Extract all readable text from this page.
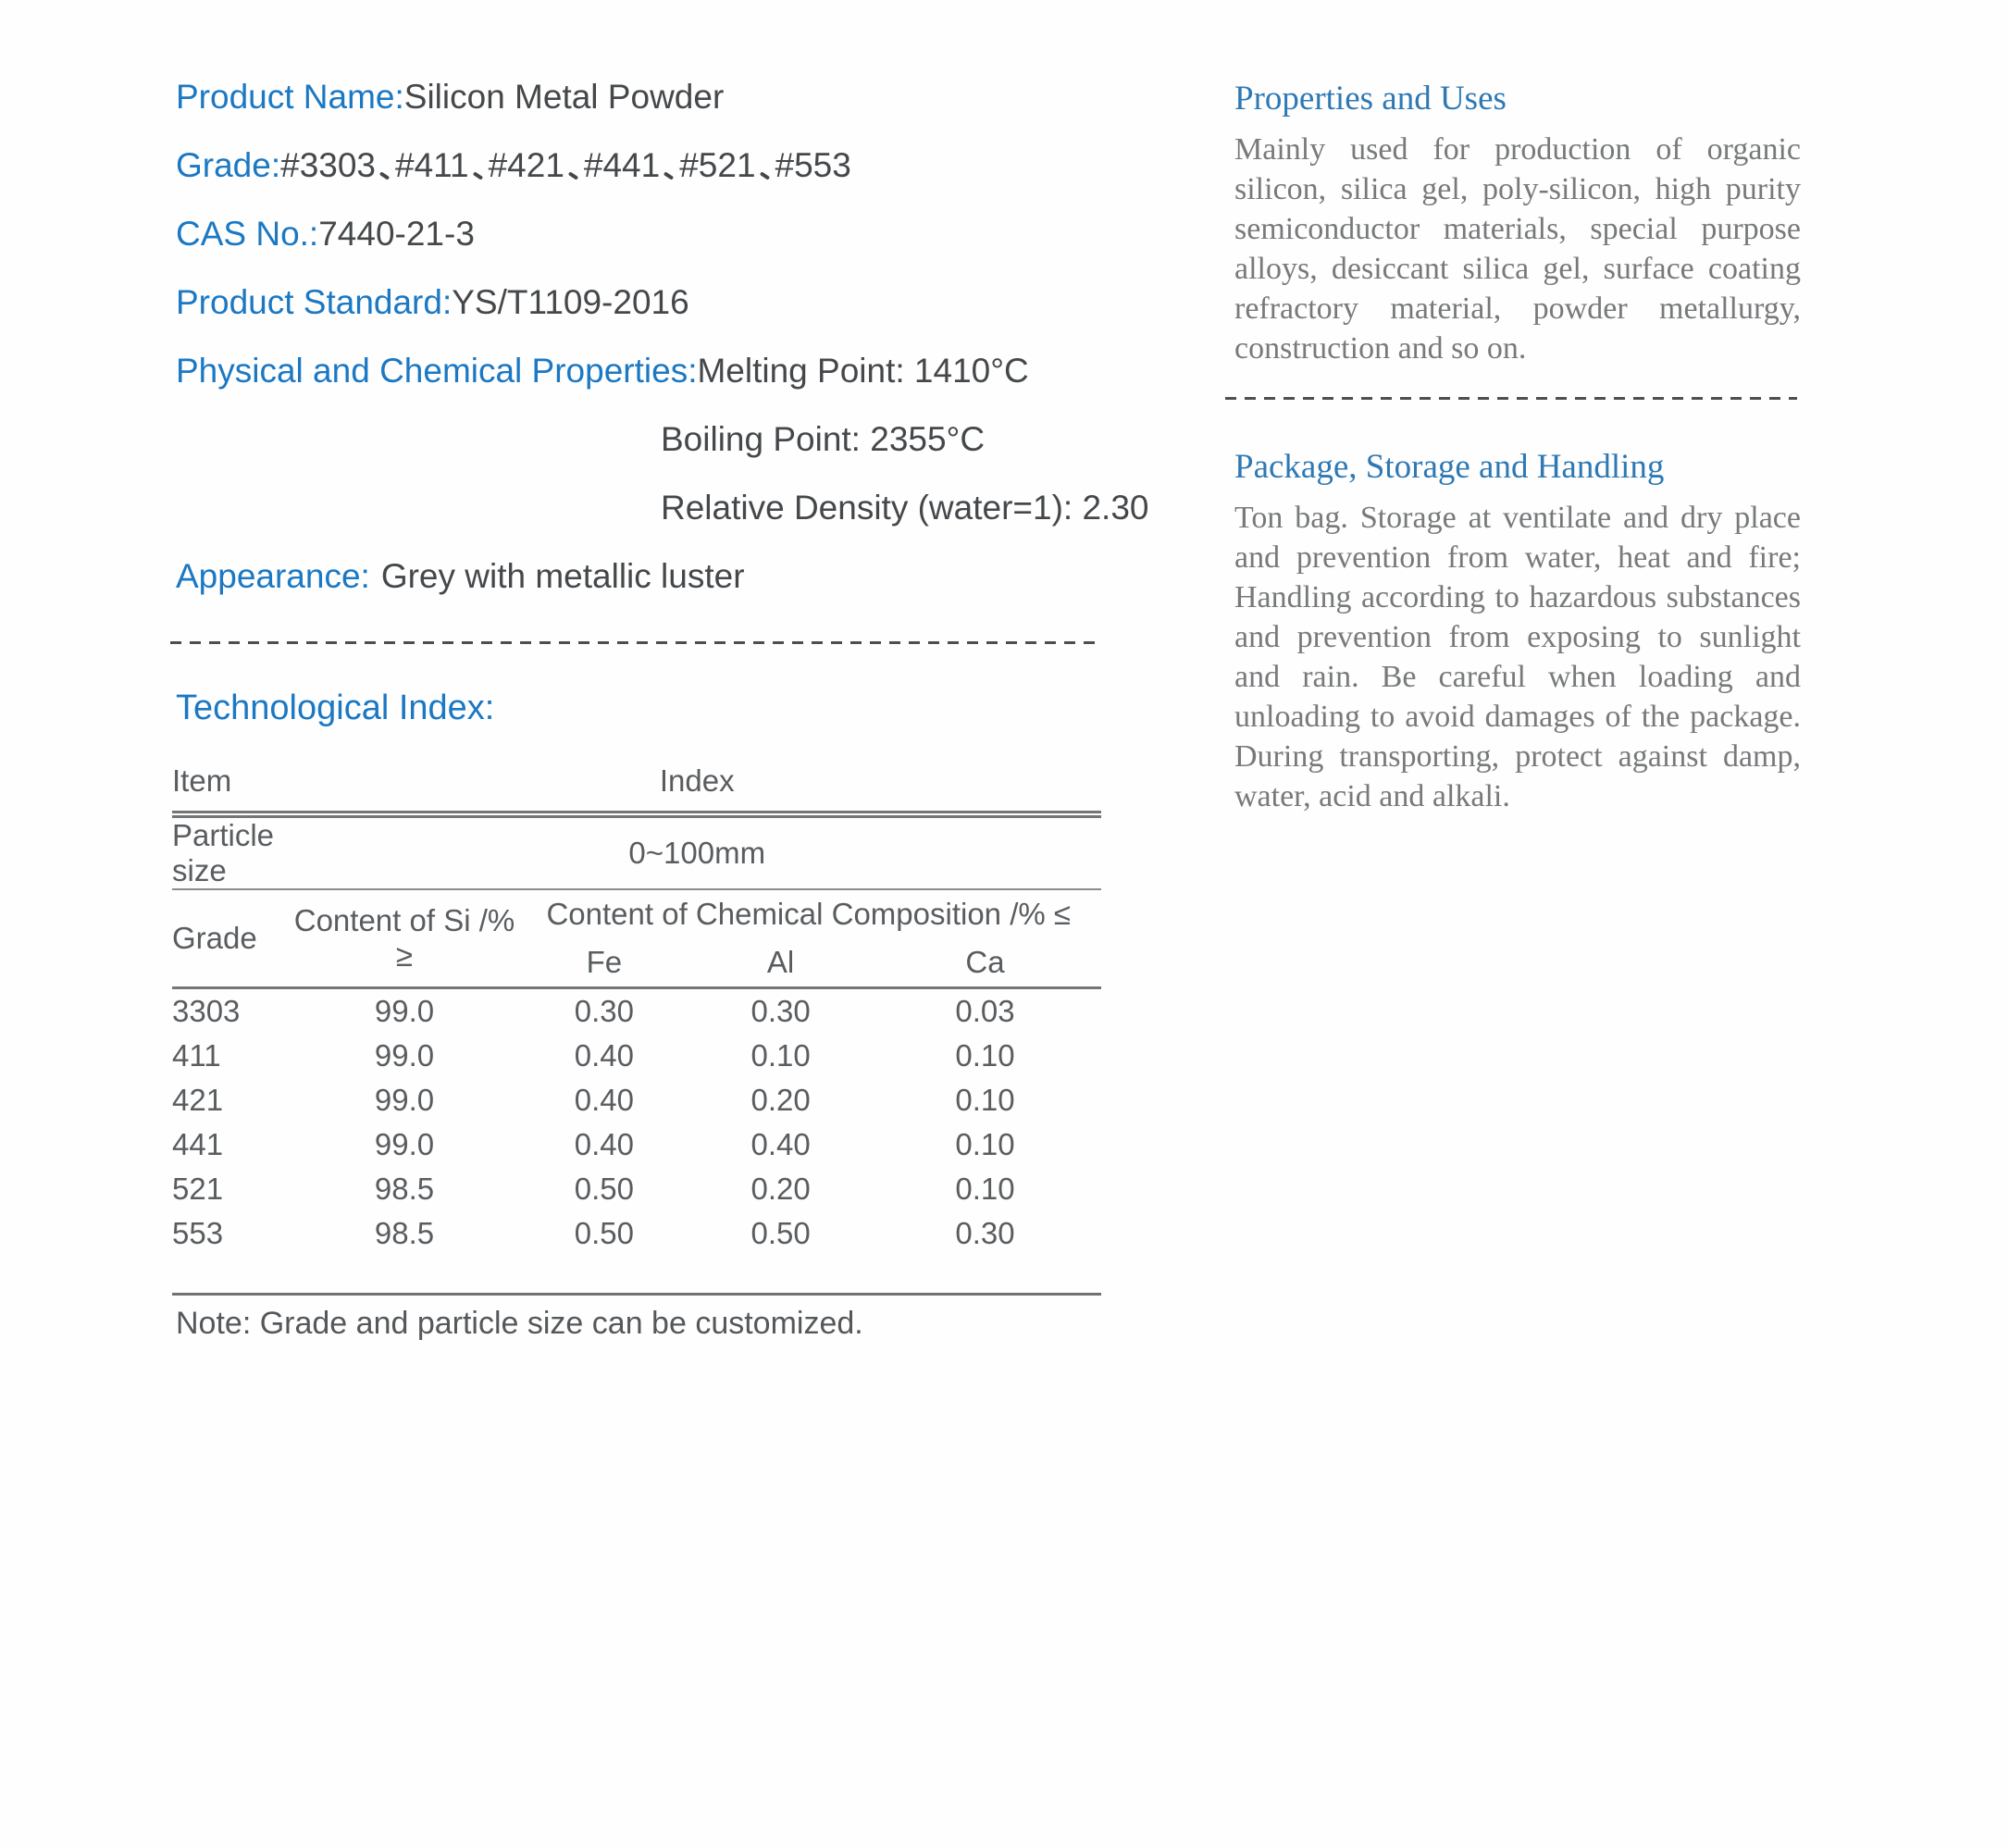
Product Name:Silicon Metal Powder
Grade:#3303 #411 #421 #441 #521 #553
CAS No.:7440-21-3
Product Standard:YS/T1109-2016
Physical and Chemical Properties:Melting Point: 1410°C
Boiling Point: 2355°C
Relative Density (water=1): 2.30
Appearance: Grey with metallic luster
Technological Index:
Item	Index			
Particle size	0~100mm			
Grade	Content of Si /% ≥	Content of Chemical Composition /% ≤		
		Fe	Al	Ca
3303	99.0	0.30	0.30	0.03
411	99.0	0.40	0.10	0.10
421	99.0	0.40	0.20	0.10
441	99.0	0.40	0.40	0.10
521	98.5	0.50	0.20	0.10
553	98.5	0.50	0.50	0.30
Note: Grade and particle size can be customized.
Properties and Uses
Mainly used for production of organic silicon, silica gel, poly-silicon, high purity semiconductor materials, special purpose alloys, desiccant silica gel, surface coating refractory material, powder metallurgy, construction and so on.
Package, Storage and Handling
Ton bag. Storage at ventilate and dry place and prevention from water, heat and fire; Handling according to hazardous substances and prevention from exposing to sunlight and rain. Be careful when loading and unloading to avoid damages of the package. During transporting, protect against damp, water, acid and alkali.
